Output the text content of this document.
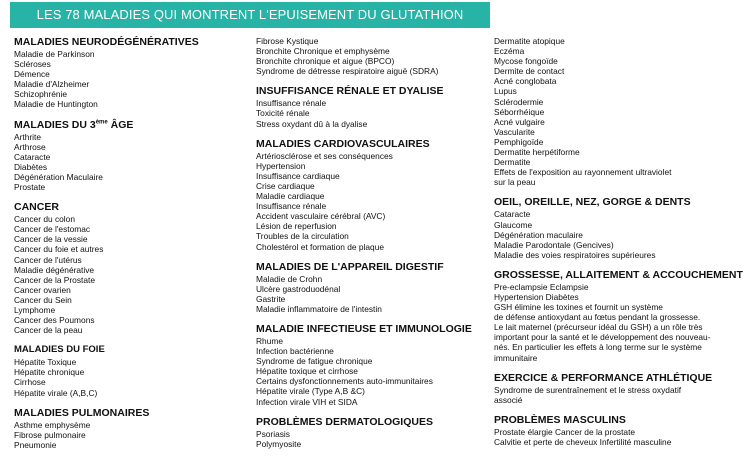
LES 78 MALADIES QUI MONTRENT L'EPUISEMENT DU GLUTATHION
MALADIES NEURODÉGÉNÉRATIVES
Maladie de Parkinson
Scléroses
Démence
Maladie d'Alzheimer
Schizophrénie
Maladie de Huntington
MALADIES DU 3ème ÂGE
Arthrite
Arthrose
Cataracte
Diabètes
Dégénération Maculaire
Prostate
CANCER
Cancer du colon
Cancer de l'estomac
Cancer de la vessie
Cancer du foie et autres
Cancer de l'utérus
Maladie dégénérative
Cancer de la Prostate
Cancer ovarien
Cancer du Sein
Lymphome
Cancer des Poumons
Cancer de la peau
MALADIES DU FOIE
Hépatite Toxique
Hépatite chronique
Cirrhose
Hépatite virale (A,B,C)
MALADIES PULMONAIRES
Asthme emphysème
Fibrose pulmonaire
Pneumonie
Fibrose Kystique
Bronchite Chronique et emphysème
Bronchite chronique et aigue (BPCO)
Syndrome de détresse respiratoire aiguë (SDRA)
INSUFFISANCE RÉNALE ET DYALISE
Insuffisance rénale
Toxicité rénale
Stress oxydant dû à la dyalise
MALADIES CARDIOVASCULAIRES
Artériosclérose et ses conséquences
Hypertension
Insuffisance cardiaque
Crise cardiaque
Maladie cardiaque
Insuffisance rénale
Accident vasculaire cérébral (AVC)
Lésion de reperfusion
Troubles de la circulation
Cholestérol et formation de plaque
MALADIES DE L'APPAREIL DIGESTIF
Maladie de Crohn
Ulcère gastroduodénal
Gastrite
Maladie inflammatoire de l'intestin
MALADIE INFECTIEUSE ET IMMUNOLOGIE
Rhume
Infection bactérienne
Syndrome de fatigue chronique
Hépatite toxique et cirrhose
Certains dysfonctionnements auto-immunitaires
Hépatite virale (Type A,B &C)
Infection virale VIH et SIDA
PROBLÈMES DERMATOLOGIQUES
Psoriasis
Polymyosite
Dermatite atopique
Eczéma
Mycose fongoïde
Dermite de contact
Acné conglobata
Lupus
Sclérodermie
Séborrhéique
Acné vulgaire
Vascularite
Pemphigoïde
Dermatite herpétiforme
Dermatite
Effets de l'exposition au rayonnement ultraviolet
sur la peau
OEIL, OREILLE, NEZ, GORGE & DENTS
Cataracte
Glaucome
Dégénération maculaire
Maladie Parodontale (Gencives)
Maladie des voies respiratoires supérieures
GROSSESSE, ALLAITEMENT & ACCOUCHEMENT
Pre-eclampsie Eclampsie
Hypertension Diabètes
GSH élimine les toxines et fournit un système
de défense antioxydant au fœtus pendant la grossesse.
Le lait maternel (précurseur idéal du GSH) a un rôle très
important pour la santé et le développement des nouveau-
nés. En particulier les effets à long terme sur le système
immunitaire
EXERCICE & PERFORMANCE ATHLÉTIQUE
Syndrome de surentraînement et le stress oxydatif
associé
PROBLÈMES MASCULINS
Prostate élargie Cancer de la prostate
Calvitie et perte de cheveux Infertilité masculine
